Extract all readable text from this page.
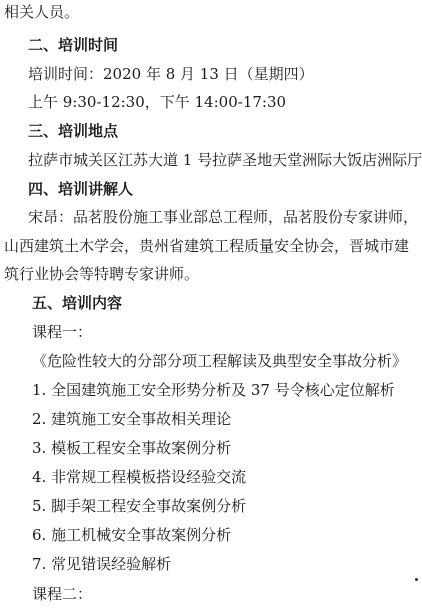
相关人员。
二、培训时间
培训时间：2020 年 8 月 13 日（星期四）
上午 9:30-12:30，下午 14:00-17:30
三、培训地点
拉萨市城关区江苏大道 1 号拉萨圣地天堂洲际大饭店洲际厅
四、培训讲解人
宋昂：品茗股份施工事业部总工程师，品茗股份专家讲师，
山西建筑土木学会，贵州省建筑工程质量安全协会，晋城市建
筑行业协会等特聘专家讲师。
五、培训内容
课程一：
《危险性较大的分部分项工程解读及典型安全事故分析》
1. 全国建筑施工安全形势分析及 37 号令核心定位解析
2. 建筑施工安全事故相关理论
3. 模板工程安全事故案例分析
4. 非常规工程模板搭设经验交流
5. 脚手架工程安全事故案例分析
6. 施工机械安全事故案例分析
7. 常见错误经验解析
课程二：
